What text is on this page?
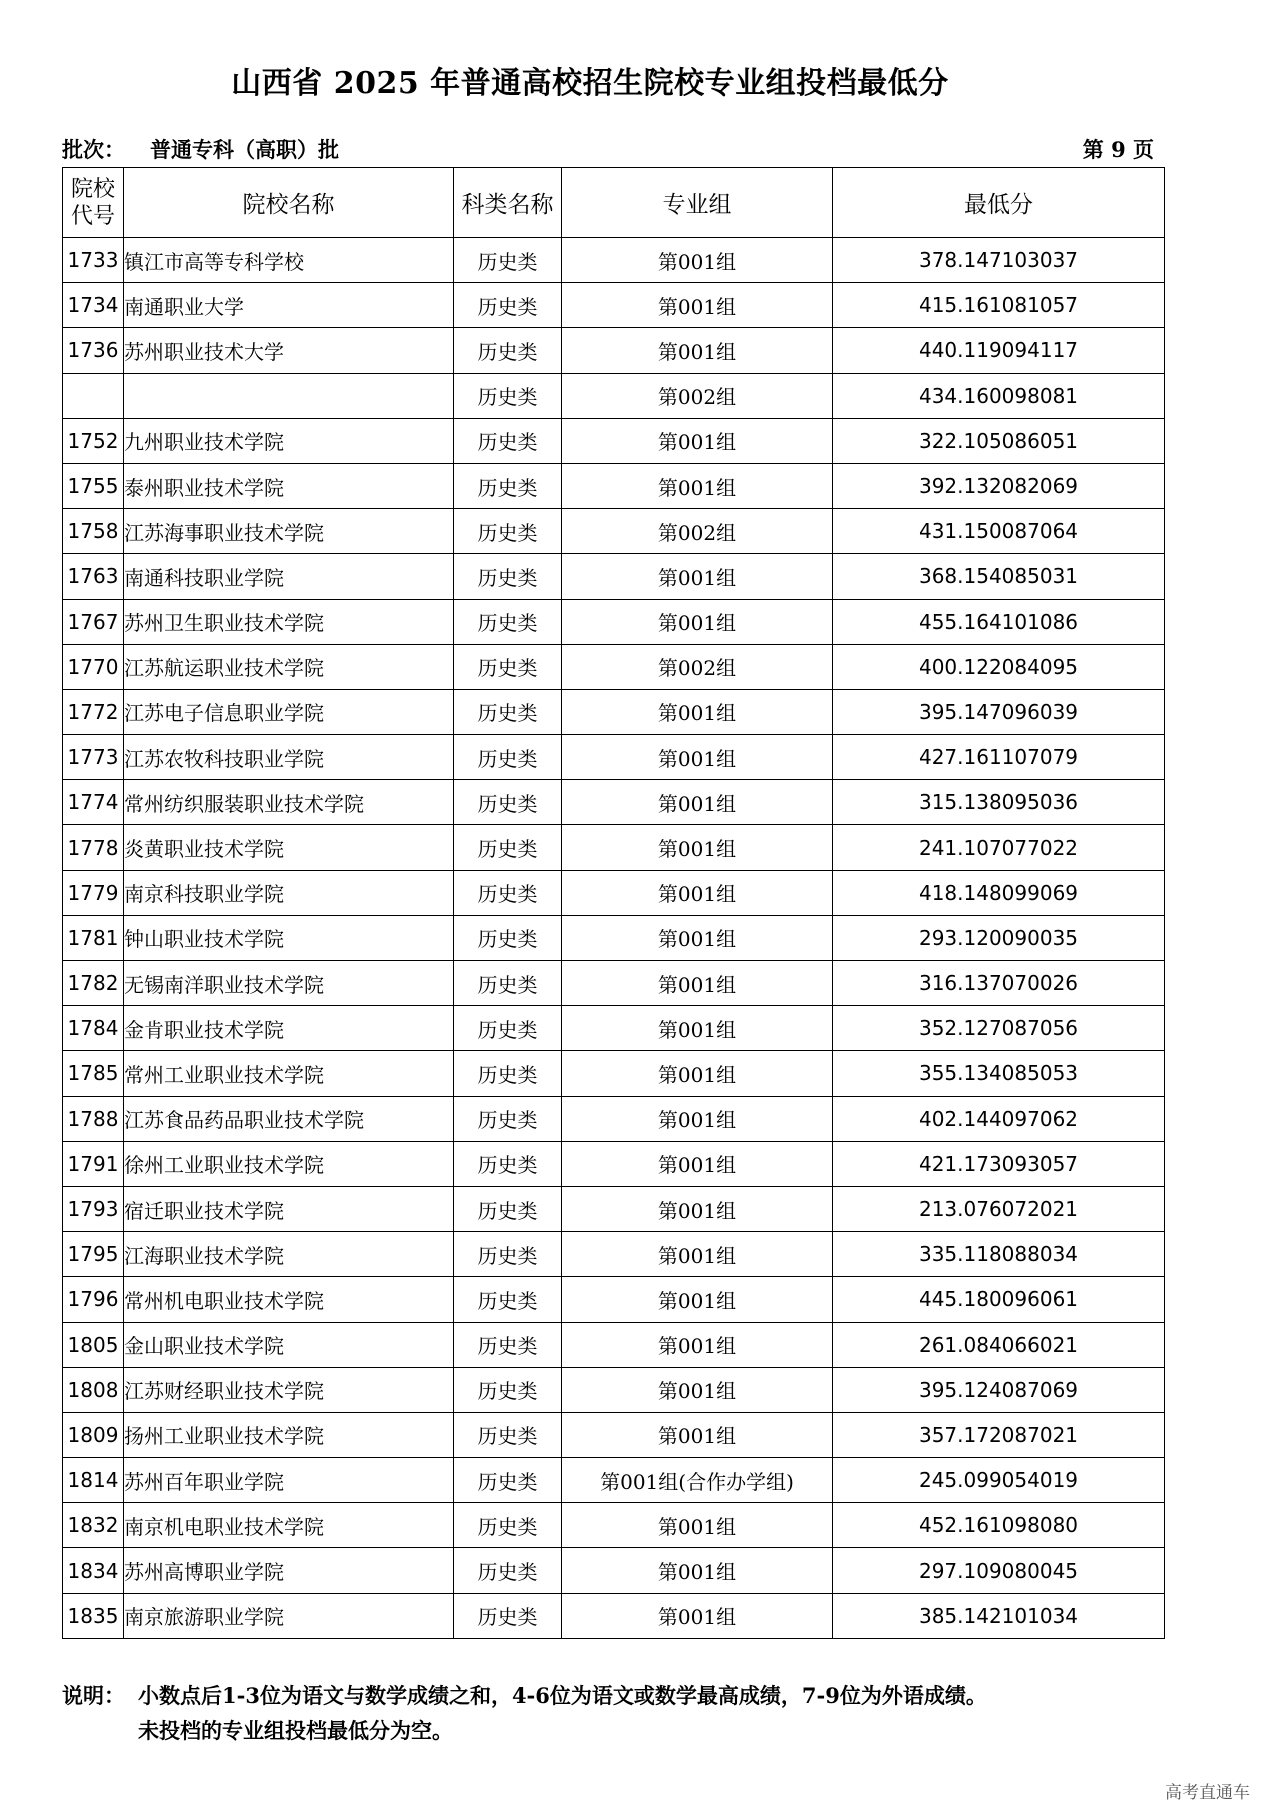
山西省 2025 年普通高校招生院校专业组投档最低分
批次： 普通专科（高职）批	第 9 页
院校
代号	院校名称	科类名称	专业组	最低分
1733	镇江市高等专科学校	历史类	第001组	378.147103037
1734	南通职业大学	历史类	第001组	415.161081057
1736	苏州职业技术大学	历史类	第001组	440.119094117
		历史类	第002组	434.160098081
1752	九州职业技术学院	历史类	第001组	322.105086051
1755	泰州职业技术学院	历史类	第001组	392.132082069
1758	江苏海事职业技术学院	历史类	第002组	431.150087064
1763	南通科技职业学院	历史类	第001组	368.154085031
1767	苏州卫生职业技术学院	历史类	第001组	455.164101086
1770	江苏航运职业技术学院	历史类	第002组	400.122084095
1772	江苏电子信息职业学院	历史类	第001组	395.147096039
1773	江苏农牧科技职业学院	历史类	第001组	427.161107079
1774	常州纺织服装职业技术学院	历史类	第001组	315.138095036
1778	炎黄职业技术学院	历史类	第001组	241.107077022
1779	南京科技职业学院	历史类	第001组	418.148099069
1781	钟山职业技术学院	历史类	第001组	293.120090035
1782	无锡南洋职业技术学院	历史类	第001组	316.137070026
1784	金肯职业技术学院	历史类	第001组	352.127087056
1785	常州工业职业技术学院	历史类	第001组	355.134085053
1788	江苏食品药品职业技术学院	历史类	第001组	402.144097062
1791	徐州工业职业技术学院	历史类	第001组	421.173093057
1793	宿迁职业技术学院	历史类	第001组	213.076072021
1795	江海职业技术学院	历史类	第001组	335.118088034
1796	常州机电职业技术学院	历史类	第001组	445.180096061
1805	金山职业技术学院	历史类	第001组	261.084066021
1808	江苏财经职业技术学院	历史类	第001组	395.124087069
1809	扬州工业职业技术学院	历史类	第001组	357.172087021
1814	苏州百年职业学院	历史类	第001组(合作办学组)	245.099054019
1832	南京机电职业技术学院	历史类	第001组	452.161098080
1834	苏州高博职业学院	历史类	第001组	297.109080045
1835	南京旅游职业学院	历史类	第001组	385.142101034
说明： 小数点后1-3位为语文与数学成绩之和，4-6位为语文或数学最高成绩，7-9位为外语成绩。
未投档的专业组投档最低分为空。
高考直通车
